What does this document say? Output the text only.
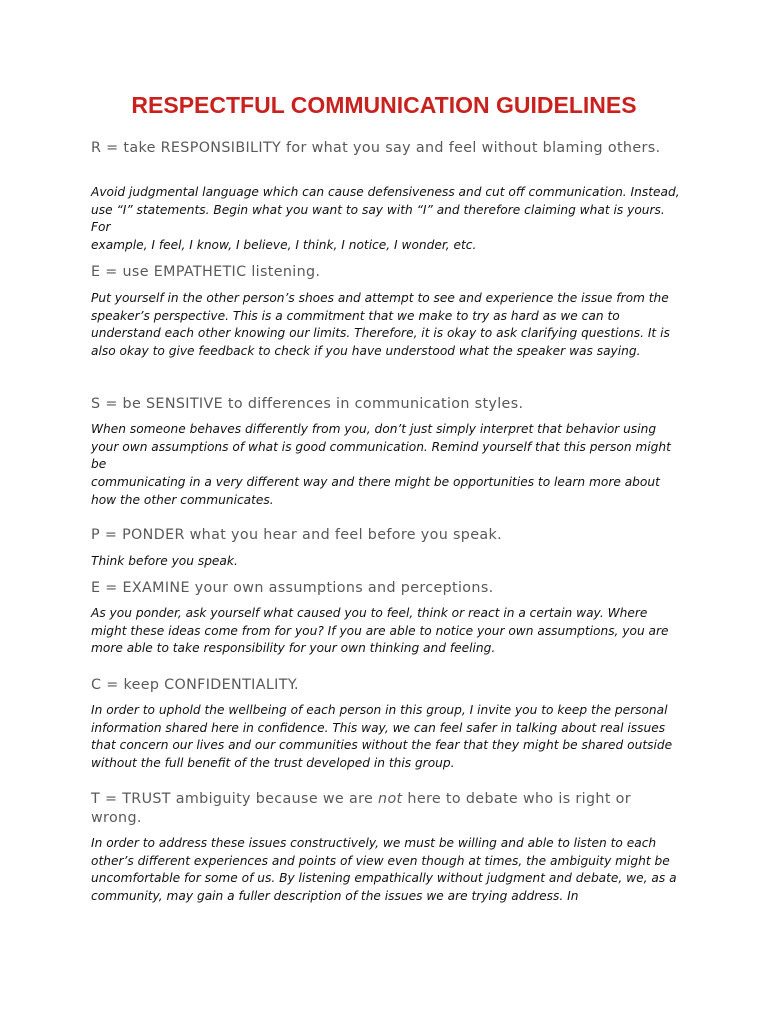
RESPECTFUL COMMUNICATION GUIDELINES
R = take RESPONSIBILITY for what you say and feel without blaming others.

Avoid judgmental language which can cause defensiveness and cut off communication. Instead, use “I” statements. Begin what you want to say with “I” and therefore claiming what is yours. For

example, I feel, I know, I believe, I think, I notice, I wonder, etc.

E = use EMPATHETIC listening.

Put yourself in the other person’s shoes and attempt to see and experience the issue from the speaker’s perspective. This is a commitment that we make to try as hard as we can to understand each other knowing our limits. Therefore, it is okay to ask clarifying questions. It is also okay to give feedback to check if you have understood what the speaker was saying.

S = be SENSITIVE to differences in communication styles.

When someone behaves differently from you, don’t just simply interpret that behavior using your own assumptions of what is good communication. Remind yourself that this person might be

communicating in a very different way and there might be opportunities to learn more about how the other communicates.

P = PONDER what you hear and feel before you speak.

Think before you speak.

E = EXAMINE your own assumptions and perceptions.

As you ponder, ask yourself what caused you to feel, think or react in a certain way. Where might these ideas come from for you? If you are able to notice your own assumptions, you are more able to take responsibility for your own thinking and feeling.

C = keep CONFIDENTIALITY.

In order to uphold the wellbeing of each person in this group, I invite you to keep the personal information shared here in confidence. This way, we can feel safer in talking about real issues that concern our lives and our communities without the fear that they might be shared outside without the full benefit of the trust developed in this group.

T = TRUST ambiguity because we are not here to debate who is right or wrong.

In order to address these issues constructively, we must be willing and able to listen to each other’s different experiences and points of view even though at times, the ambiguity might be

uncomfortable for some of us. By listening empathically without judgment and debate, we, as a community, may gain a fuller description of the issues we are trying address. In
